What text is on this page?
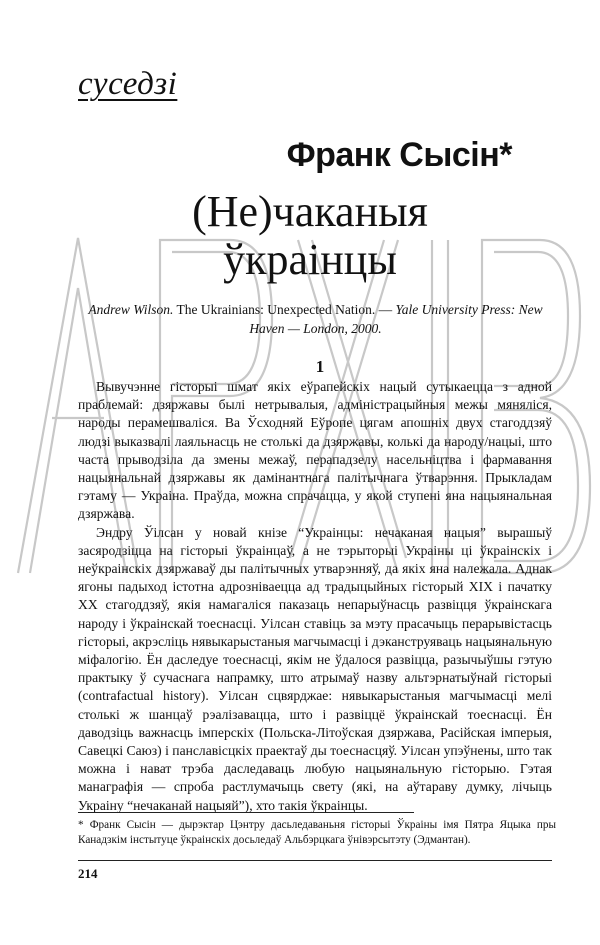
суседзі
Франк Сысін*
(Не)чаканыя
ўкраінцы
Andrew Wilson. The Ukrainians: Unexpected Nation. — Yale University Press: New Haven — London, 2000.
1

Вывучэнне гісторыі шмат якіх еўрапейскіх нацый сутыкаецца з адной праблемай: дзяржавы былі нетрывалыя, адміністрацыйныя межы мяняліся, народы перамешваліся. Ва Ўсходняй Еўропе цягам апошніх двух стагоддзяў людзі выказвалі лаяльнасць не столькі да дзяржавы, колькі да народу/нацыі, што часта прыводзіла да змены межаў, перападзелу насельніцтва і фармавання нацыянальнай дзяржавы як дамінантнага палітычнага ўтварэння. Прыкладам гэтаму — Украіна. Праўда, можна спрачацца, у якой ступені яна нацыянальная дзяржава.

Эндру Ўілсан у новай кнізе “Украінцы: нечаканая нацыя” вырашыў засяродзіцца на гісторыі ўкраінцаў, а не тэрыторыі Украіны ці ўкраінскіх і неўкраінскіх дзяржаваў ды палітычных утварэнняў, да якіх яна належала. Аднак ягоны падыход істотна адрозніваецца ад традыцыйных гісторый XIX і пачатку XX стагоддзяў, якія намагаліся паказаць непарыўнасць развіцця ўкраінскага народу і ўкраінскай тоеснасці. Уілсан ставіць за мэту прасачыць перарывістасць гісторыі, акрэсліць нявыкарыстаныя магчымасці і дэканструяваць нацыянальную міфалогію. Ён даследуе тоеснасці, якім не ўдалося развіцца, разычыўшы гэтую практыку ў сучаснага напрамку, што атрымаў назву альтэрнатыўнай гісторыі (contrafactual history). Уілсан сцвярджае: нявыкарыстаныя магчымасці мелі столькі ж шанцаў рэалізавацца, што і развіццё ўкраінскай тоеснасці. Ён даводзіць важнасць імперскіх (Польска-Літоўская дзяржава, Расійская імперыя, Савецкі Саюз) і панславісцкіх праектаў ды тоеснасцяў. Уілсан упэўнены, што так можна і нават трэба даследаваць любую нацыянальную гісторыю. Гэтая манаграфія — спроба растлумачыць свету (які, на аўтараву думку, лічыць Украіну “нечаканай нацыяй”), хто такія ўкраінцы.

* Франк Сысін — дырэктар Цэнтру дасьледаваньня гісторыі Ўкраіны імя Пятра Яцыка пры Канадзкім інстытуце ўкраінскіх досьледаў Альбэрцкага ўнівэрсытэту (Эдмантан).
214
